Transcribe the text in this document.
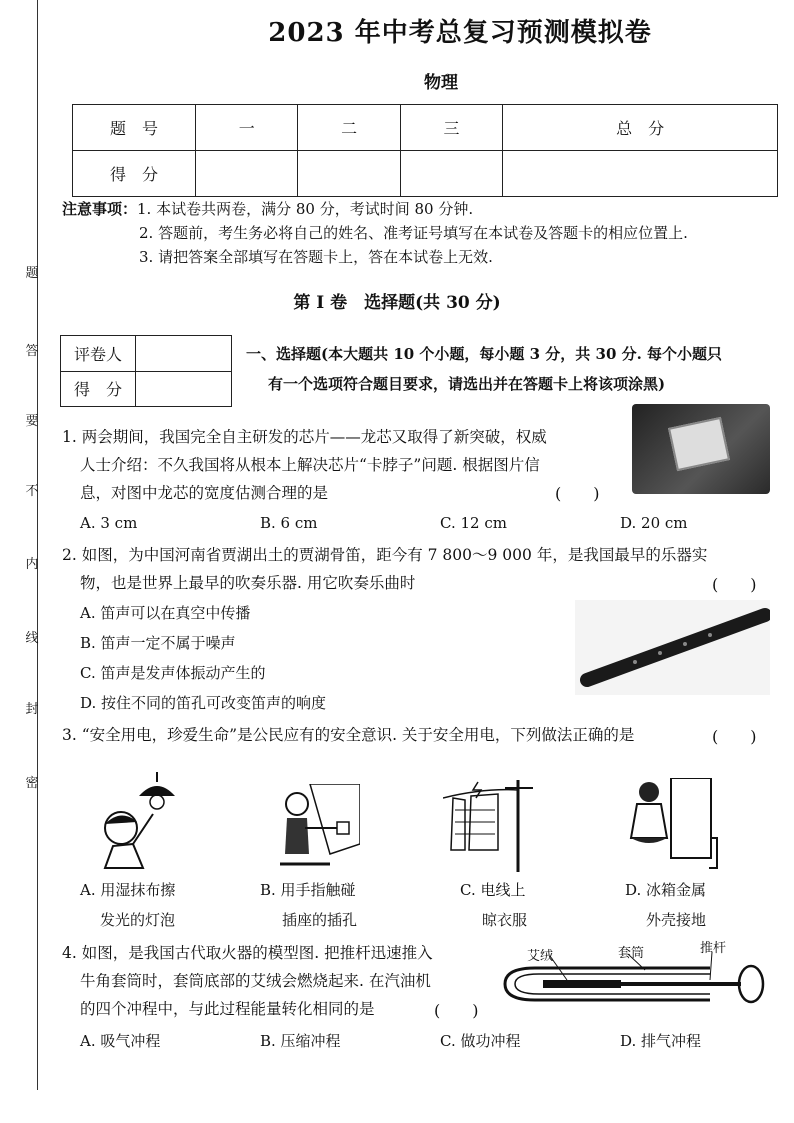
题
答
要
不
内
线
封
密
2023 年中考总复习预测模拟卷
物理
题　号	一	二	三	总　分
得　分				
注意事项：1. 本试卷共两卷，满分 80 分，考试时间 80 分钟.
2. 答题前，考生务必将自己的姓名、准考证号填写在本试卷及答题卡的相应位置上.
3. 请把答案全部填写在答题卡上，答在本试卷上无效.
第 I 卷　选择题(共 30 分)
评卷人	
得　分	
一、选择题(本大题共 10 个小题，每小题 3 分，共 30 分. 每个小题只
有一个选项符合题目要求，请选出并在答题卡上将该项涂黑)
1. 两会期间，我国完全自主研发的芯片——龙芯又取得了新突破，权威
人士介绍：不久我国将从根本上解决芯片“卡脖子”问题. 根据图片信
息，对图中龙芯的宽度估测合理的是	(　　)
A. 3 cm	B. 6 cm	C. 12 cm	D. 20 cm
2. 如图，为中国河南省贾湖出土的贾湖骨笛，距今有 7 800～9 000 年，是我国最早的乐器实
物，也是世界上最早的吹奏乐器. 用它吹奏乐曲时	(　　)
A. 笛声可以在真空中传播
B. 笛声一定不属于噪声
C. 笛声是发声体振动产生的
D. 按住不同的笛孔可改变笛声的响度
3. “安全用电，珍爱生命”是公民应有的安全意识. 关于安全用电，下列做法正确的是	(　　)
A. 用湿抹布擦
发光的灯泡
B. 用手指触碰
插座的插孔
C. 电线上
晾衣服
D. 冰箱金属
外壳接地
4. 如图，是我国古代取火器的模型图. 把推杆迅速推入
牛角套筒时，套筒底部的艾绒会燃烧起来. 在汽油机
的四个冲程中，与此过程能量转化相同的是	(　　)
艾绒	套筒	推杆
A. 吸气冲程	B. 压缩冲程	C. 做功冲程	D. 排气冲程
